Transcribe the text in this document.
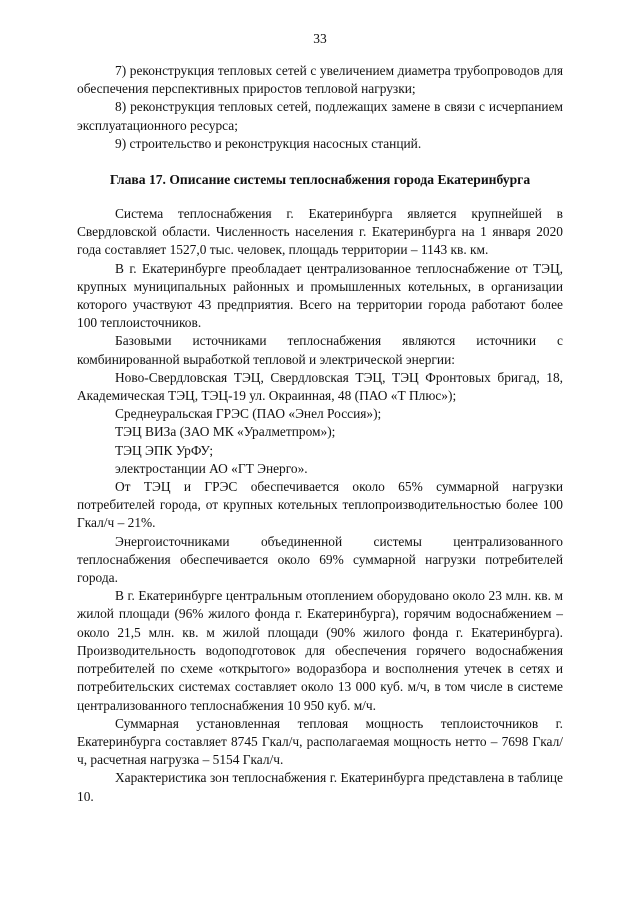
33

7) реконструкция тепловых сетей с увеличением диаметра трубопроводов для обеспечения перспективных приростов тепловой нагрузки;

8) реконструкция тепловых сетей, подлежащих замене в связи с исчерпанием эксплуатационного ресурса;

9) строительство и реконструкция насосных станций.

Глава 17. Описание системы теплоснабжения города Екатеринбурга

Система теплоснабжения г. Екатеринбурга является крупнейшей в Свердловской области. Численность населения г. Екатеринбурга на 1 января 2020 года составляет 1527,0 тыс. человек, площадь территории – 1143 кв. км.

В г. Екатеринбурге преобладает централизованное теплоснабжение от ТЭЦ, крупных муниципальных районных и промышленных котельных, в организации которого участвуют 43 предприятия. Всего на территории города работают более 100 теплоисточников.

Базовыми источниками теплоснабжения являются источники с комбинированной выработкой тепловой и электрической энергии:

Ново-Свердловская ТЭЦ, Свердловская ТЭЦ, ТЭЦ Фронтовых бригад, 18, Академическая ТЭЦ, ТЭЦ-19 ул. Окраинная, 48 (ПАО «Т Плюс»);

Среднеуральская ГРЭС (ПАО «Энел Россия»);

ТЭЦ ВИЗа (ЗАО МК «Уралметпром»);

ТЭЦ ЭПК УрФУ;

электростанции АО «ГТ Энерго».

От ТЭЦ и ГРЭС обеспечивается около 65% суммарной нагрузки потребителей города, от крупных котельных теплопроизводительностью более 100 Гкал/ч – 21%.

Энергоисточниками объединенной системы централизованного теплоснабжения обеспечивается около 69% суммарной нагрузки потребителей города.

В г. Екатеринбурге центральным отоплением оборудовано около 23 млн. кв. м жилой площади (96% жилого фонда г. Екатеринбурга), горячим водоснабжением – около 21,5 млн. кв. м жилой площади (90% жилого фонда г. Екатеринбурга). Производительность водоподготовок для обеспечения горячего водоснабжения потребителей по схеме «открытого» водоразбора и восполнения утечек в сетях и потребительских системах составляет около 13 000 куб. м/ч, в том числе в системе централизованного теплоснабжения 10 950 куб. м/ч.

Суммарная установленная тепловая мощность теплоисточников г. Екатеринбурга составляет 8745 Гкал/ч, располагаемая мощность нетто – 7698 Гкал/ч, расчетная нагрузка – 5154 Гкал/ч.

Характеристика зон теплоснабжения г. Екатеринбурга представлена в таблице 10.
